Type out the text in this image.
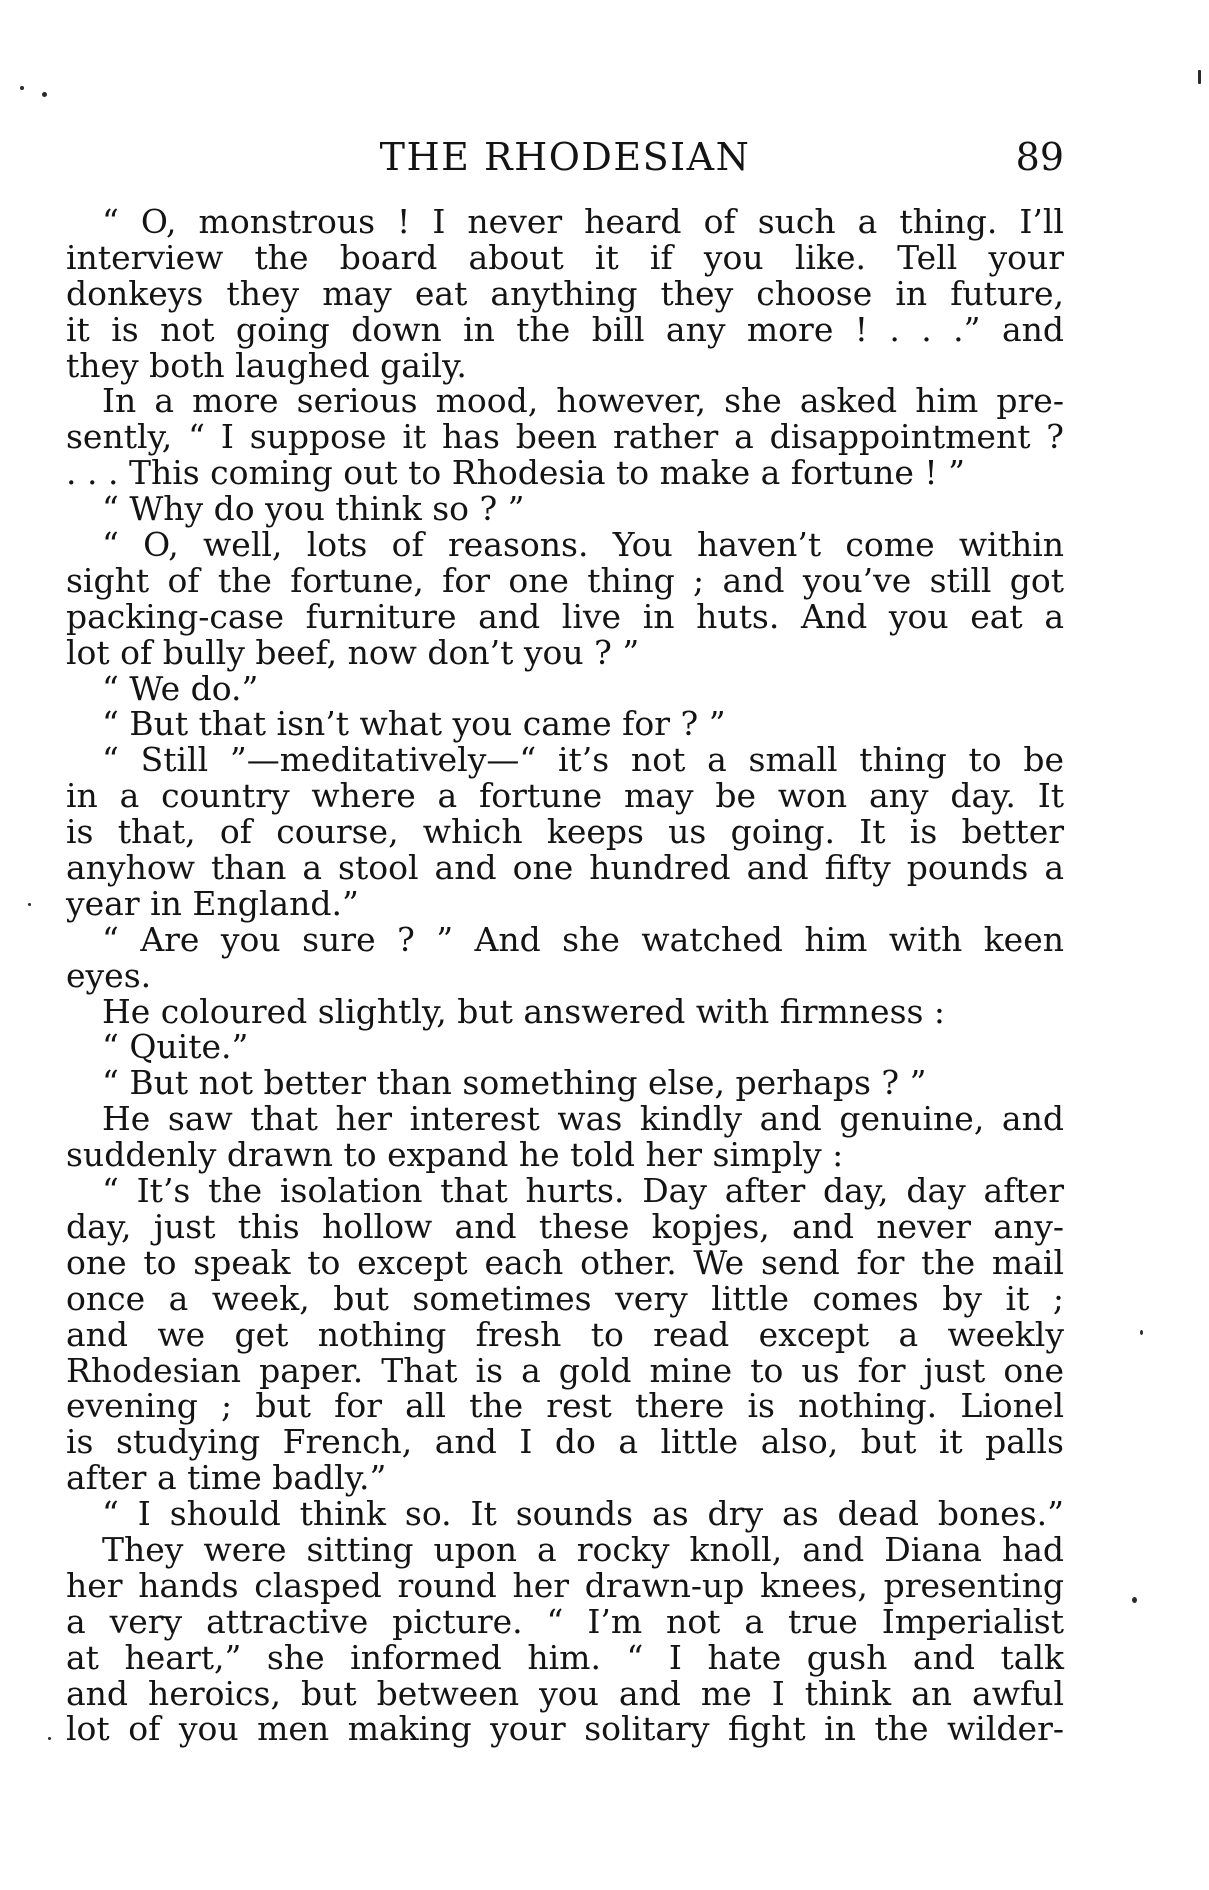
THE RHODESIAN	89
“ O, monstrous ! I never heard of such a thing. I’ll
interview the board about it if you like. Tell your
donkeys they may eat anything they choose in future,
it is not going down in the bill any more ! . . .” and
they both laughed gaily.
In a more serious mood, however, she asked him pre-
sently, “ I suppose it has been rather a disappointment ?
. . . This coming out to Rhodesia to make a fortune ! ”
“ Why do you think so ? ”
“ O, well, lots of reasons. You haven’t come within
sight of the fortune, for one thing ; and you’ve still got
packing-case furniture and live in huts. And you eat a
lot of bully beef, now don’t you ? ”
“ We do.”
“ But that isn’t what you came for ? ”
“ Still ”—meditatively—“ it’s not a small thing to be
in a country where a fortune may be won any day. It
is that, of course, which keeps us going. It is better
anyhow than a stool and one hundred and fifty pounds a
year in England.”
“ Are you sure ? ” And she watched him with keen
eyes.
He coloured slightly, but answered with firmness :
“ Quite.”
“ But not better than something else, perhaps ? ”
He saw that her interest was kindly and genuine, and
suddenly drawn to expand he told her simply :
“ It’s the isolation that hurts. Day after day, day after
day, just this hollow and these kopjes, and never any-
one to speak to except each other. We send for the mail
once a week, but sometimes very little comes by it ;
and we get nothing fresh to read except a weekly
Rhodesian paper. That is a gold mine to us for just one
evening ; but for all the rest there is nothing. Lionel
is studying French, and I do a little also, but it palls
after a time badly.”
“ I should think so. It sounds as dry as dead bones.”
They were sitting upon a rocky knoll, and Diana had
her hands clasped round her drawn-up knees, presenting
a very attractive picture. “ I’m not a true Imperialist
at heart,” she informed him. “ I hate gush and talk
and heroics, but between you and me I think an awful
lot of you men making your solitary fight in the wilder-
